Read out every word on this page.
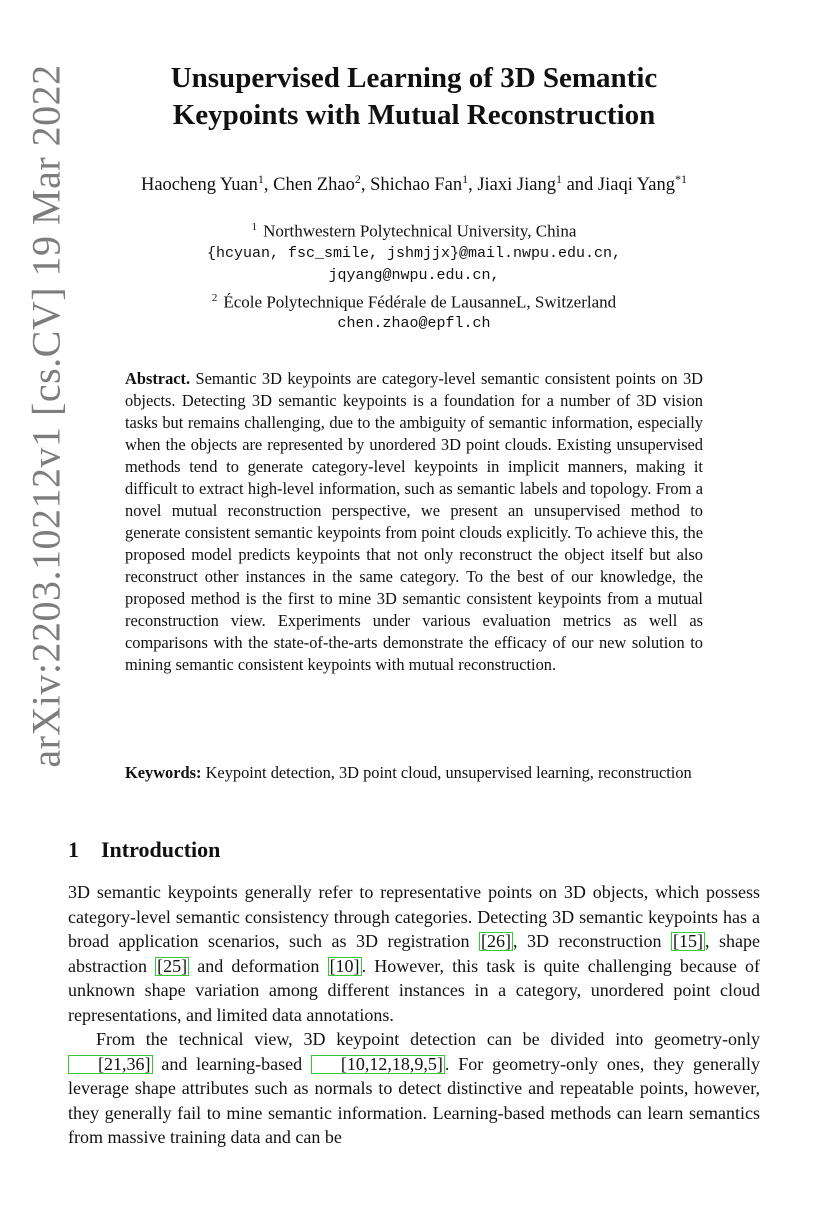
arXiv:2203.10212v1 [cs.CV] 19 Mar 2022	Unsupervised Learning of 3D Semantic
Keypoints with Mutual Reconstruction
Haocheng Yuan$^1$, Chen Zhao$^2$, Shichao Fan$^1$, Jiaxi Jiang$^1$ and Jiaqi Yang$^{*1}$
$^1$ Northwestern Polytechnical University, China
{hcyuan, fsc_smile, jshmjjx}@mail.nwpu.edu.cn,
jqyang@nwpu.edu.cn,
$^2$ École Polytechnique Fédérale de LausanneL, Switzerland
chen.zhao@epfl.ch
Abstract. Semantic 3D keypoints are category-level semantic consistent points on 3D objects. Detecting 3D semantic keypoints is a foundation for a number of 3D vision tasks but remains challenging, due to the ambiguity of semantic information, especially when the objects are represented by unordered 3D point clouds. Existing unsupervised methods tend to generate category-level keypoints in implicit manners, making it difficult to extract high-level information, such as semantic labels and topology. From a novel mutual reconstruction perspective, we present an unsupervised method to generate consistent semantic keypoints from point clouds explicitly. To achieve this, the proposed model predicts keypoints that not only reconstruct the object itself but also reconstruct other instances in the same category. To the best of our knowledge, the proposed method is the first to mine 3D semantic consistent keypoints from a mutual reconstruction view. Experiments under various evaluation metrics as well as comparisons with the state-of-the-arts demonstrate the efficacy of our new solution to mining semantic consistent keypoints with mutual reconstruction.
Keywords: Keypoint detection, 3D point cloud, unsupervised learning, reconstruction
1 Introduction

3D semantic keypoints generally refer to representative points on 3D objects, which possess category-level semantic consistency through categories. Detecting 3D semantic keypoints has a broad application scenarios, such as 3D registration [26] , 3D reconstruction [15] , shape abstraction [25] and deformation [10] . However, this task is quite challenging because of unknown shape variation among different instances in a category, unordered point cloud representations, and limited data annotations.

From the technical view, 3D keypoint detection can be divided into geometry-only [21,36] and learning-based [10,12,18,9,5] . For geometry-only ones, they generally leverage shape attributes such as normals to detect distinctive and repeatable points, however, they generally fail to mine semantic information. Learning-based methods can learn semantics from massive training data and can be
